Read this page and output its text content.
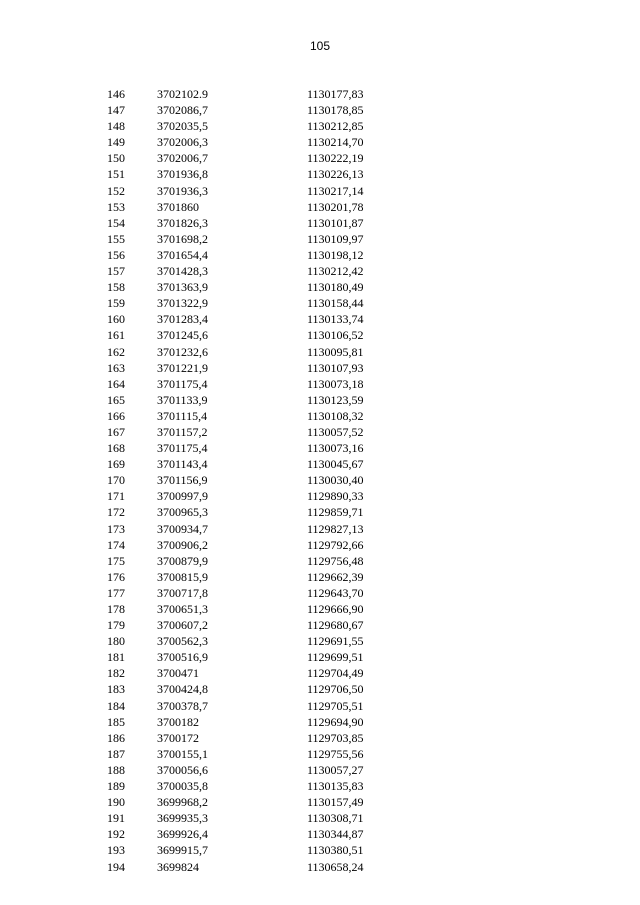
105
146	3702102.9	1130177,83
147	3702086,7	1130178,85
148	3702035,5	1130212,85
149	3702006,3	1130214,70
150	3702006,7	1130222,19
151	3701936,8	1130226,13
152	3701936,3	1130217,14
153	3701860	1130201,78
154	3701826,3	1130101,87
155	3701698,2	1130109,97
156	3701654,4	1130198,12
157	3701428,3	1130212,42
158	3701363,9	1130180,49
159	3701322,9	1130158,44
160	3701283,4	1130133,74
161	3701245,6	1130106,52
162	3701232,6	1130095,81
163	3701221,9	1130107,93
164	3701175,4	1130073,18
165	3701133,9	1130123,59
166	3701115,4	1130108,32
167	3701157,2	1130057,52
168	3701175,4	1130073,16
169	3701143,4	1130045,67
170	3701156,9	1130030,40
171	3700997,9	1129890,33
172	3700965,3	1129859,71
173	3700934,7	1129827,13
174	3700906,2	1129792,66
175	3700879,9	1129756,48
176	3700815,9	1129662,39
177	3700717,8	1129643,70
178	3700651,3	1129666,90
179	3700607,2	1129680,67
180	3700562,3	1129691,55
181	3700516,9	1129699,51
182	3700471	1129704,49
183	3700424,8	1129706,50
184	3700378,7	1129705,51
185	3700182	1129694,90
186	3700172	1129703,85
187	3700155,1	1129755,56
188	3700056,6	1130057,27
189	3700035,8	1130135,83
190	3699968,2	1130157,49
191	3699935,3	1130308,71
192	3699926,4	1130344,87
193	3699915,7	1130380,51
194	3699824	1130658,24
